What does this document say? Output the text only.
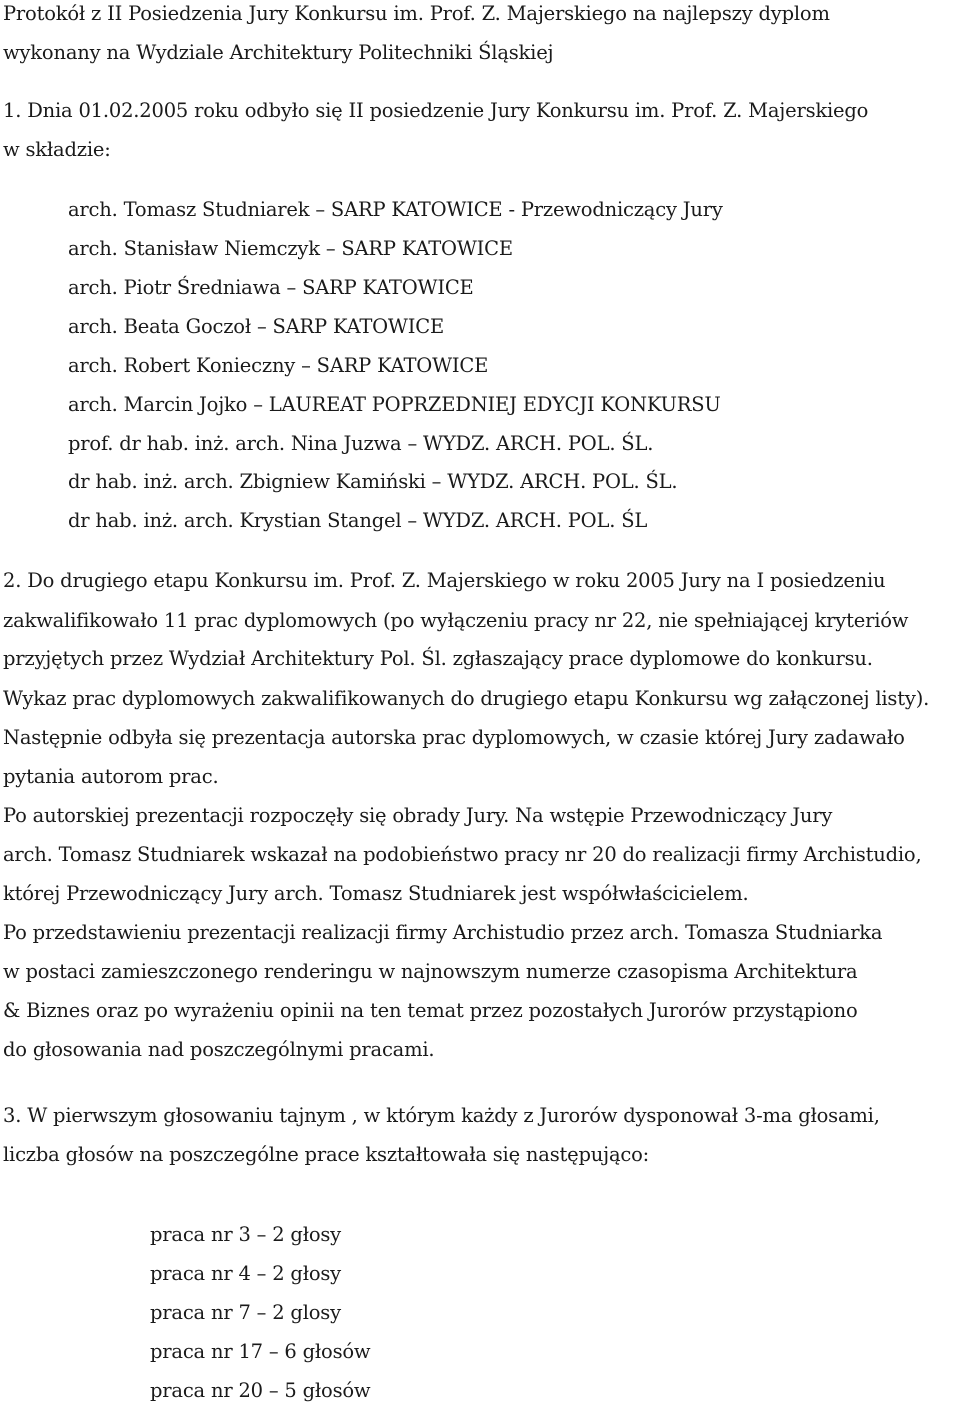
Protokół z II Posiedzenia Jury Konkursu im. Prof. Z. Majerskiego na najlepszy dyplom
wykonany na Wydziale Architektury Politechniki Śląskiej
1. Dnia 01.02.2005 roku odbyło się II posiedzenie Jury Konkursu im. Prof. Z. Majerskiego
w składzie:
arch. Tomasz Studniarek – SARP KATOWICE - Przewodniczący Jury
arch. Stanisław Niemczyk – SARP KATOWICE
arch. Piotr Średniawa – SARP KATOWICE
arch. Beata Goczoł – SARP KATOWICE
arch. Robert Konieczny – SARP KATOWICE
arch. Marcin Jojko – LAUREAT POPRZEDNIEJ EDYCJI KONKURSU
prof. dr hab. inż. arch. Nina Juzwa – WYDZ. ARCH. POL. ŚL.
dr hab. inż. arch. Zbigniew Kamiński – WYDZ. ARCH. POL. ŚL.
dr hab. inż. arch. Krystian Stangel – WYDZ. ARCH. POL. ŚL
2. Do drugiego etapu Konkursu im. Prof. Z. Majerskiego w roku 2005 Jury na I posiedzeniu
zakwalifikowało 11 prac dyplomowych (po wyłączeniu pracy nr 22, nie spełniającej kryteriów
przyjętych przez Wydział Architektury Pol. Śl. zgłaszający prace dyplomowe do konkursu.
Wykaz prac dyplomowych zakwalifikowanych do drugiego etapu Konkursu wg załączonej listy).
Następnie odbyła się prezentacja autorska prac dyplomowych, w czasie której Jury zadawało
pytania autorom prac.
Po autorskiej prezentacji rozpoczęły się obrady Jury. Na wstępie Przewodniczący Jury
arch. Tomasz Studniarek wskazał na podobieństwo pracy nr 20 do realizacji firmy Archistudio,
której Przewodniczący Jury arch. Tomasz Studniarek jest współwłaścicielem.
Po przedstawieniu prezentacji realizacji firmy Archistudio przez arch. Tomasza Studniarka
w postaci zamieszczonego renderingu w najnowszym numerze czasopisma Architektura
& Biznes oraz po wyrażeniu opinii na ten temat przez pozostałych Jurorów przystąpiono
do głosowania nad poszczególnymi pracami.
3. W pierwszym głosowaniu tajnym , w którym każdy z Jurorów dysponował 3-ma głosami,
liczba głosów na poszczególne prace kształtowała się następująco:
praca nr 3 – 2 głosy
praca nr 4 – 2 głosy
praca nr 7 – 2 glosy
praca nr 17 – 6 głosów
praca nr 20 – 5 głosów
